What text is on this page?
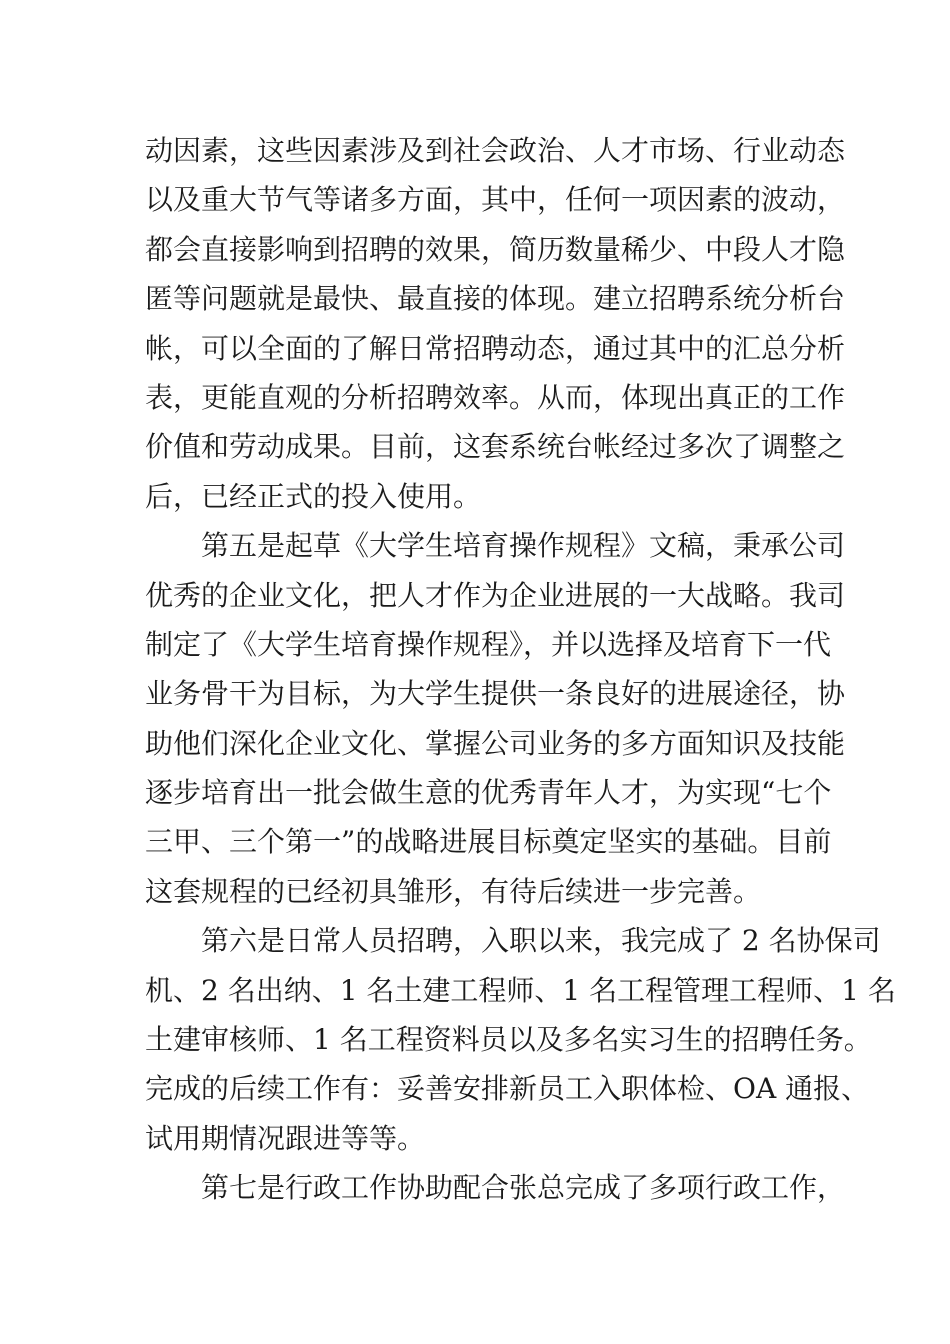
动因素，这些因素涉及到社会政治、人才市场、行业动态
以及重大节气等诸多方面，其中，任何一项因素的波动，
都会直接影响到招聘的效果，简历数量稀少、中段人才隐
匿等问题就是最快、最直接的体现。建立招聘系统分析台
帐，可以全面的了解日常招聘动态，通过其中的汇总分析
表，更能直观的分析招聘效率。从而，体现出真正的工作
价值和劳动成果。目前，这套系统台帐经过多次了调整之
后，已经正式的投入使用。
　　第五是起草《大学生培育操作规程》文稿，秉承公司
优秀的企业文化，把人才作为企业进展的一大战略。我司
制定了《大学生培育操作规程》，并以选择及培育下一代
业务骨干为目标，为大学生提供一条良好的进展途径，协
助他们深化企业文化、掌握公司业务的多方面知识及技能
逐步培育出一批会做生意的优秀青年人才，为实现“七个
三甲、三个第一”的战略进展目标奠定坚实的基础。目前
这套规程的已经初具雏形，有待后续进一步完善。
　　第六是日常人员招聘，入职以来，我完成了 2 名协保司
机、2 名出纳、1 名土建工程师、1 名工程管理工程师、1 名
土建审核师、1 名工程资料员以及多名实习生的招聘任务。
完成的后续工作有：妥善安排新员工入职体检、OA 通报、
试用期情况跟进等等。
　　第七是行政工作协助配合张总完成了多项行政工作，
